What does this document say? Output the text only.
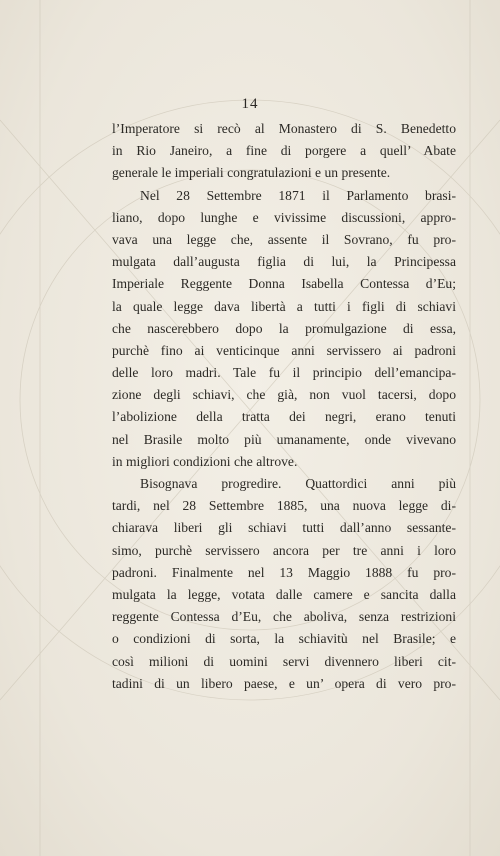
14
l’Imperatore si recò al Monastero di S. Benedetto
in Rio Janeiro, a fine di porgere a quell’ Abate
generale le imperiali congratulazioni e un presente.
Nel 28 Settembre 1871 il Parlamento brasi-
liano, dopo lunghe e vivissime discussioni, appro-
vava una legge che, assente il Sovrano, fu pro-
mulgata dall’augusta figlia di lui, la Principessa
Imperiale Reggente Donna Isabella Contessa d’Eu;
la quale legge dava libertà a tutti i figli di schiavi
che nascerebbero dopo la promulgazione di essa,
purchè fino ai venticinque anni servissero ai padroni
delle loro madri. Tale fu il principio dell’emancipa-
zione degli schiavi, che già, non vuol tacersi, dopo
l’abolizione della tratta dei negri, erano tenuti
nel Brasile molto più umanamente, onde vivevano
in migliori condizioni che altrove.
Bisognava progredire. Quattordici anni più
tardi, nel 28 Settembre 1885, una nuova legge di-
chiarava liberi gli schiavi tutti dall’anno sessante-
simo, purchè servissero ancora per tre anni i loro
padroni. Finalmente nel 13 Maggio 1888 fu pro-
mulgata la legge, votata dalle camere e sancita dalla
reggente Contessa d’Eu, che aboliva, senza restrizioni
o condizioni di sorta, la schiavitù nel Brasile; e
così milioni di uomini servi divennero liberi cit-
tadini di un libero paese, e un’ opera di vero pro-
